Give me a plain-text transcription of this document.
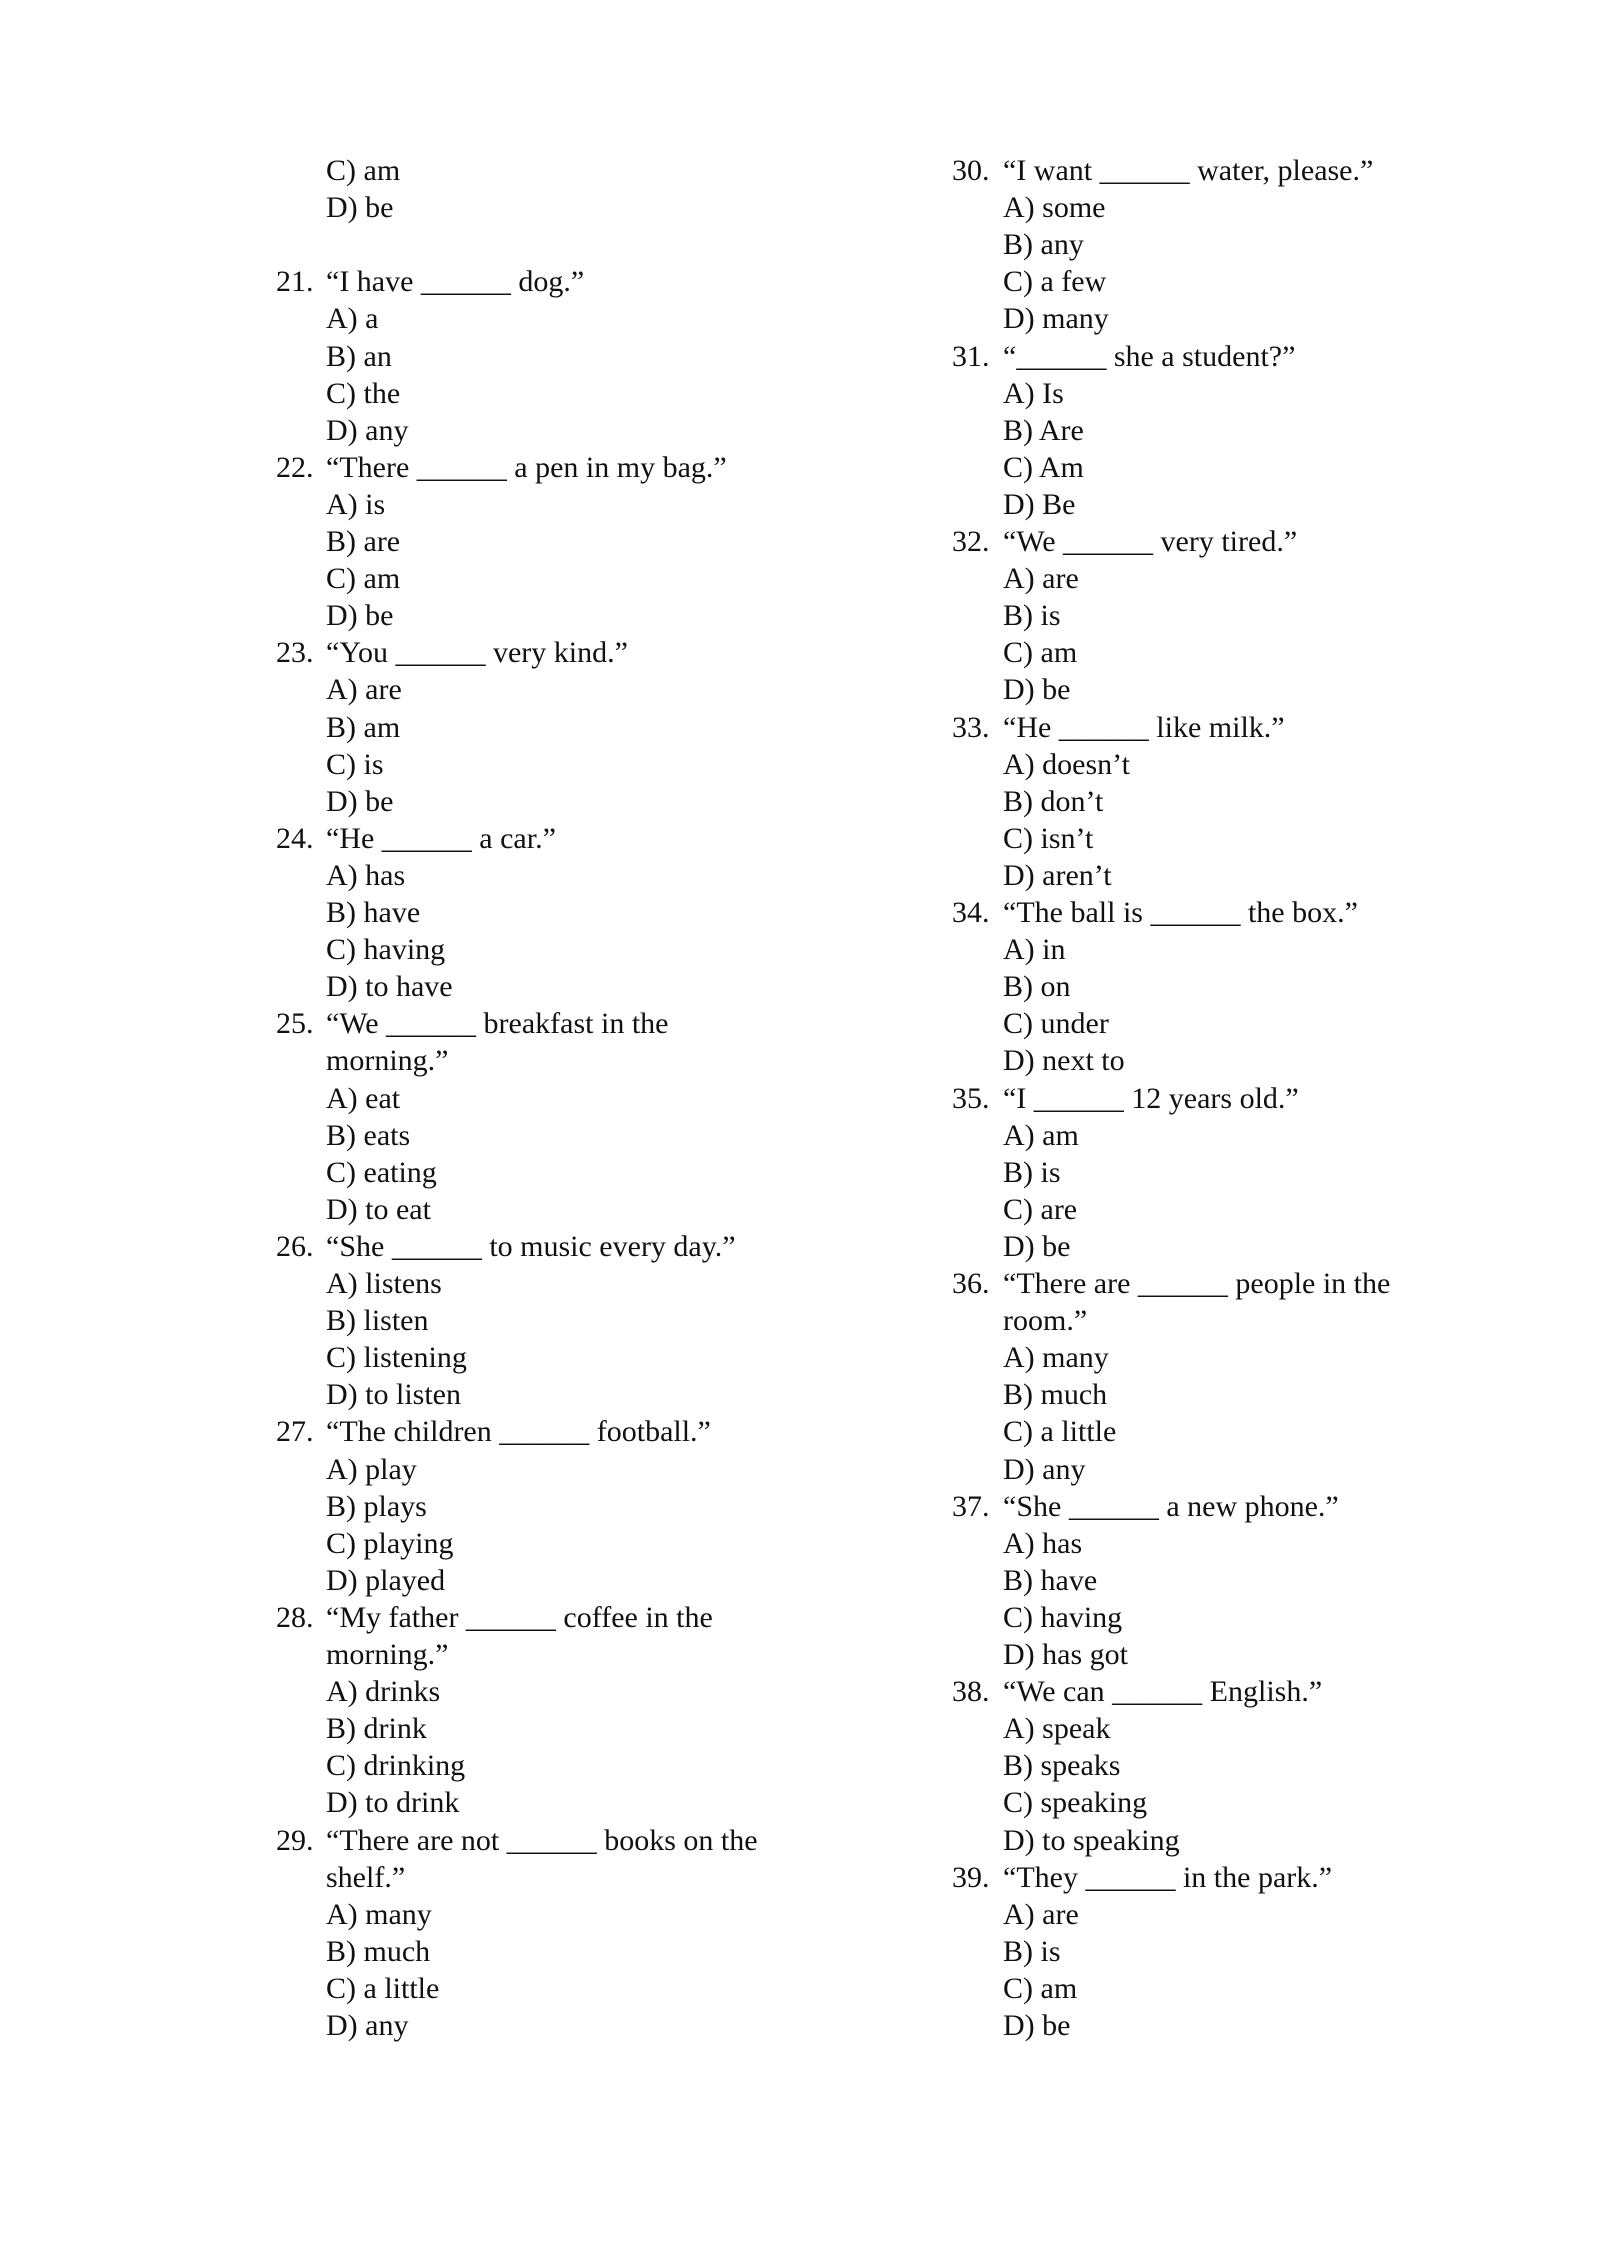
C) am
D) be
21. “I have ______ dog.”
A) a
B) an
C) the
D) any
22. “There ______ a pen in my bag.”
A) is
B) are
C) am
D) be
23. “You ______ very kind.”
A) are
B) am
C) is
D) be
24. “He ______ a car.”
A) has
B) have
C) having
D) to have
25. “We ______ breakfast in the
morning.”
A) eat
B) eats
C) eating
D) to eat
26. “She ______ to music every day.”
A) listens
B) listen
C) listening
D) to listen
27. “The children ______ football.”
A) play
B) plays
C) playing
D) played
28. “My father ______ coffee in the
morning.”
A) drinks
B) drink
C) drinking
D) to drink
29. “There are not ______ books on the
shelf.”
A) many
B) much
C) a little
D) any
30. “I want ______ water, please.”
A) some
B) any
C) a few
D) many
31. “______ she a student?”
A) Is
B) Are
C) Am
D) Be
32. “We ______ very tired.”
A) are
B) is
C) am
D) be
33. “He ______ like milk.”
A) doesn’t
B) don’t
C) isn’t
D) aren’t
34. “The ball is ______ the box.”
A) in
B) on
C) under
D) next to
35. “I ______ 12 years old.”
A) am
B) is
C) are
D) be
36. “There are ______ people in the
room.”
A) many
B) much
C) a little
D) any
37. “She ______ a new phone.”
A) has
B) have
C) having
D) has got
38. “We can ______ English.”
A) speak
B) speaks
C) speaking
D) to speaking
39. “They ______ in the park.”
A) are
B) is
C) am
D) be
